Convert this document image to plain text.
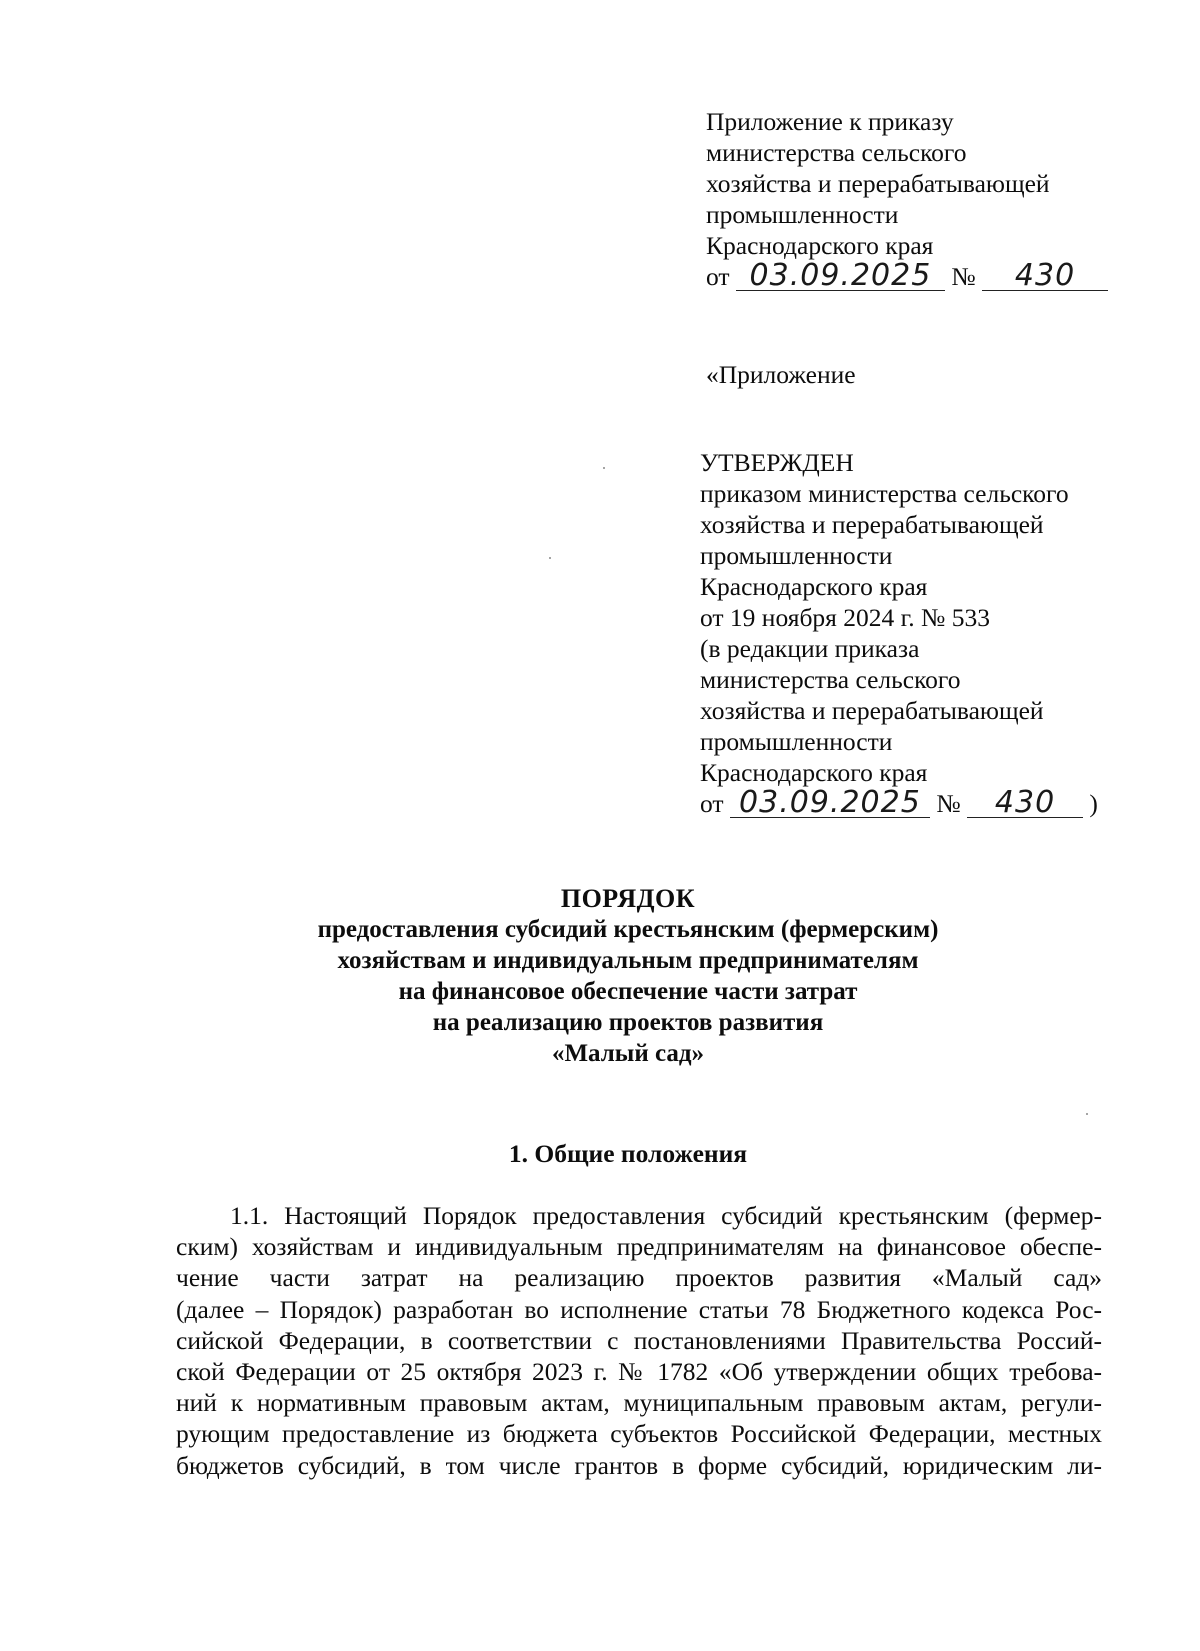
Приложение к приказу
министерства сельского
хозяйства и перерабатывающей
промышленности
Краснодарского края
от 03.09.2025 № 430
«Приложение
УТВЕРЖДЕН
приказом министерства сельского
хозяйства и перерабатывающей
промышленности
Краснодарского края
от 19 ноября 2024 г. № 533
(в редакции приказа
министерства сельского
хозяйства и перерабатывающей
промышленности
Краснодарского края
от 03.09.2025 № 430 )
ПОРЯДОК
предоставления субсидий крестьянским (фермерским)
хозяйствам и индивидуальным предпринимателям
на финансовое обеспечение части затрат
на реализацию проектов развития
«Малый сад»
1. Общие положения
1.1. Настоящий Порядок предоставления субсидий крестьянским (фермер-
ским) хозяйствам и индивидуальным предпринимателям на финансовое обеспе-
чение части затрат на реализацию проектов развития «Малый сад»
(далее – Порядок) разработан во исполнение статьи 78 Бюджетного кодекса Рос-
сийской Федерации, в соответствии с постановлениями Правительства Россий-
ской Федерации от 25 октября 2023 г. № 1782 «Об утверждении общих требова-
ний к нормативным правовым актам, муниципальным правовым актам, регули-
рующим предоставление из бюджета субъектов Российской Федерации, местных
бюджетов субсидий, в том числе грантов в форме субсидий, юридическим ли-
